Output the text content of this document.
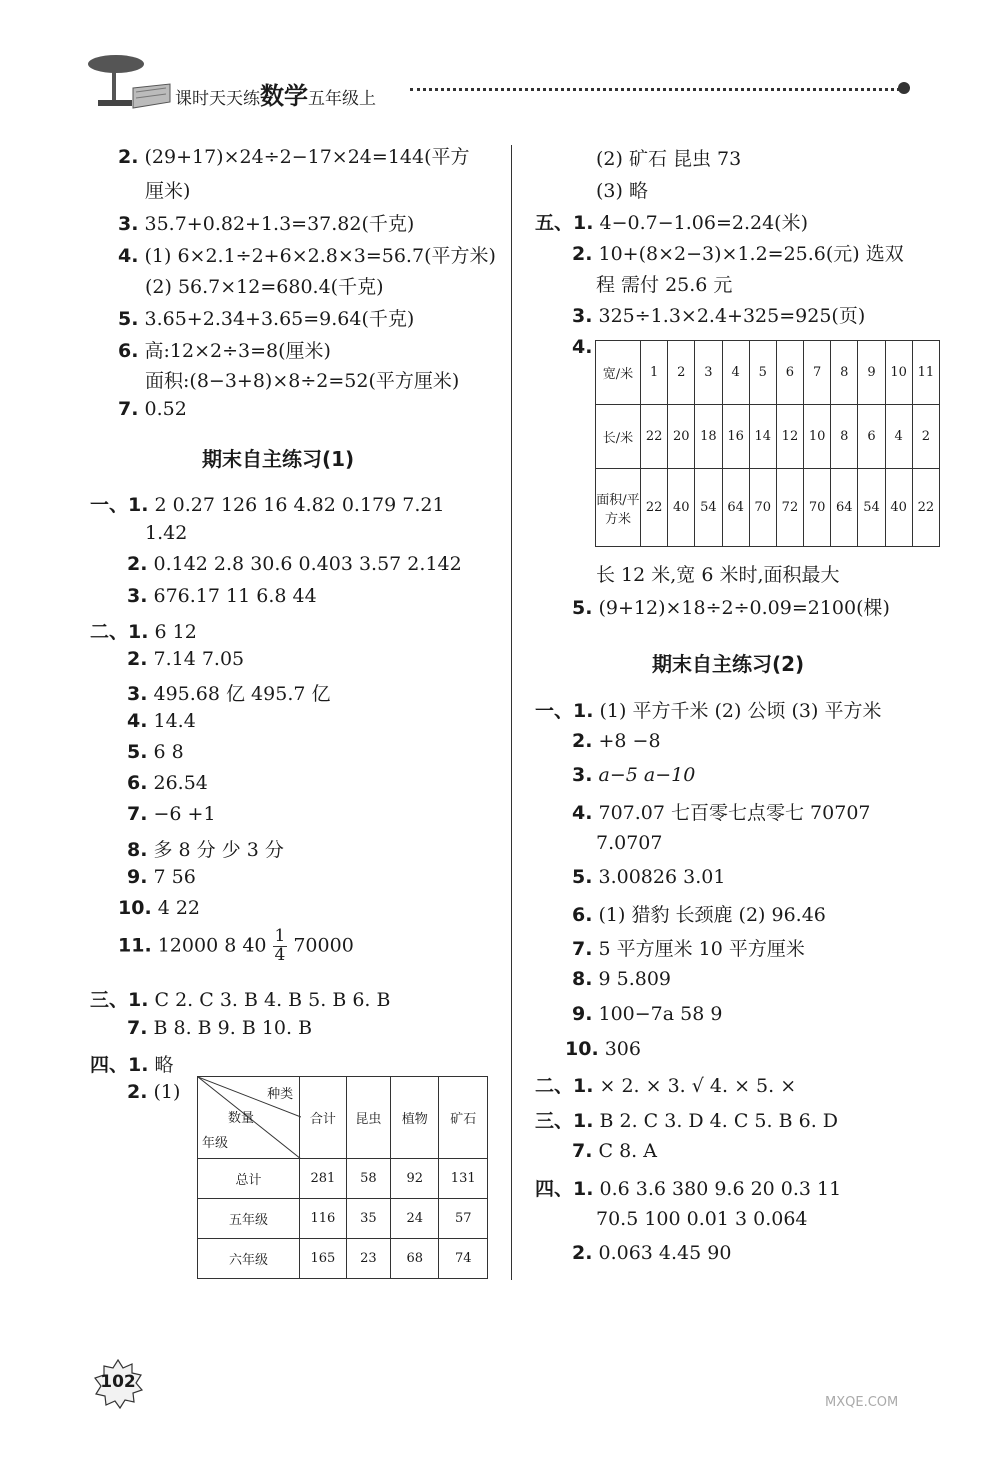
课时天天练数学五年级上
2. (29+17)×24÷2−17×24=144(平方
厘米)
3. 35.7+0.82+1.3=37.82(千克)
4. (1) 6×2.1÷2+6×2.8×3=56.7(平方米)
(2) 56.7×12=680.4(千克)
5. 3.65+2.34+3.65=9.64(千克)
6. 高:12×2÷3=8(厘米)
面积:(8−3+8)×8÷2=52(平方厘米)
7. 0.52
期末自主练习(1)
一、1. 2 0.27 126 16 4.82 0.179 7.21
1.42
2. 0.142 2.8 30.6 0.403 3.57 2.142
3. 676.17 11 6.8 44
二、1. 6 12
2. 7.14 7.05
3. 495.68 亿 495.7 亿
4. 14.4
5. 6 8
6. 26.54
7. −6 +1
8. 多 8 分 少 3 分
9. 7 56
10. 4 22
11. 12000 8 $40 \frac{1}{4} 70000$
三、1. C 2. C 3. B 4. B 5. B 6. B
7. B 8. B 9. B 10. B
四、1. 略
2. (1)	种类
数量
年级	合计	昆虫	植物	矿石
总计	281	58	92	131
五年级	116	35	24	57
六年级	165	23	68	74
(2) 矿石 昆虫 73
(3) 略
五、1. 4−0.7−1.06=2.24(米)
2. 10+(8×2−3)×1.2=25.6(元) 选双
程 需付 25.6 元
3. 325÷1.3×2.4+325=925(页)
4.
宽/米	1	2	3	4	5	6	7	8	9	10	11
长/米	22	20	18	16	14	12	10	8	6	4	2
面积/平方米	22	40	54	64	70	72	70	64	54	40	22
长 12 米,宽 6 米时,面积最大
5. (9+12)×18÷2÷0.09=2100(棵)
期末自主练习(2)
一、1. (1) 平方千米 (2) 公顷 (3) 平方米
2. +8 −8
3. a−5 a−10
4. 707.07 七百零七点零七 70707
7.0707
5. 3.00826 3.01
6. (1) 猎豹 长颈鹿 (2) 96.46
7. 5 平方厘米 10 平方厘米
8. 9 5.809
9. 100−7a 58 9
10. 306
二、1. × 2. × 3. √ 4. × 5. ×
三、1. B 2. C 3. D 4. C 5. B 6. D
7. C 8. A
四、1. 0.6 3.6 380 9.6 20 0.3 11
70.5 100 0.01 3 0.064
2. 0.063 4.45 90
102
MXQE.COM
